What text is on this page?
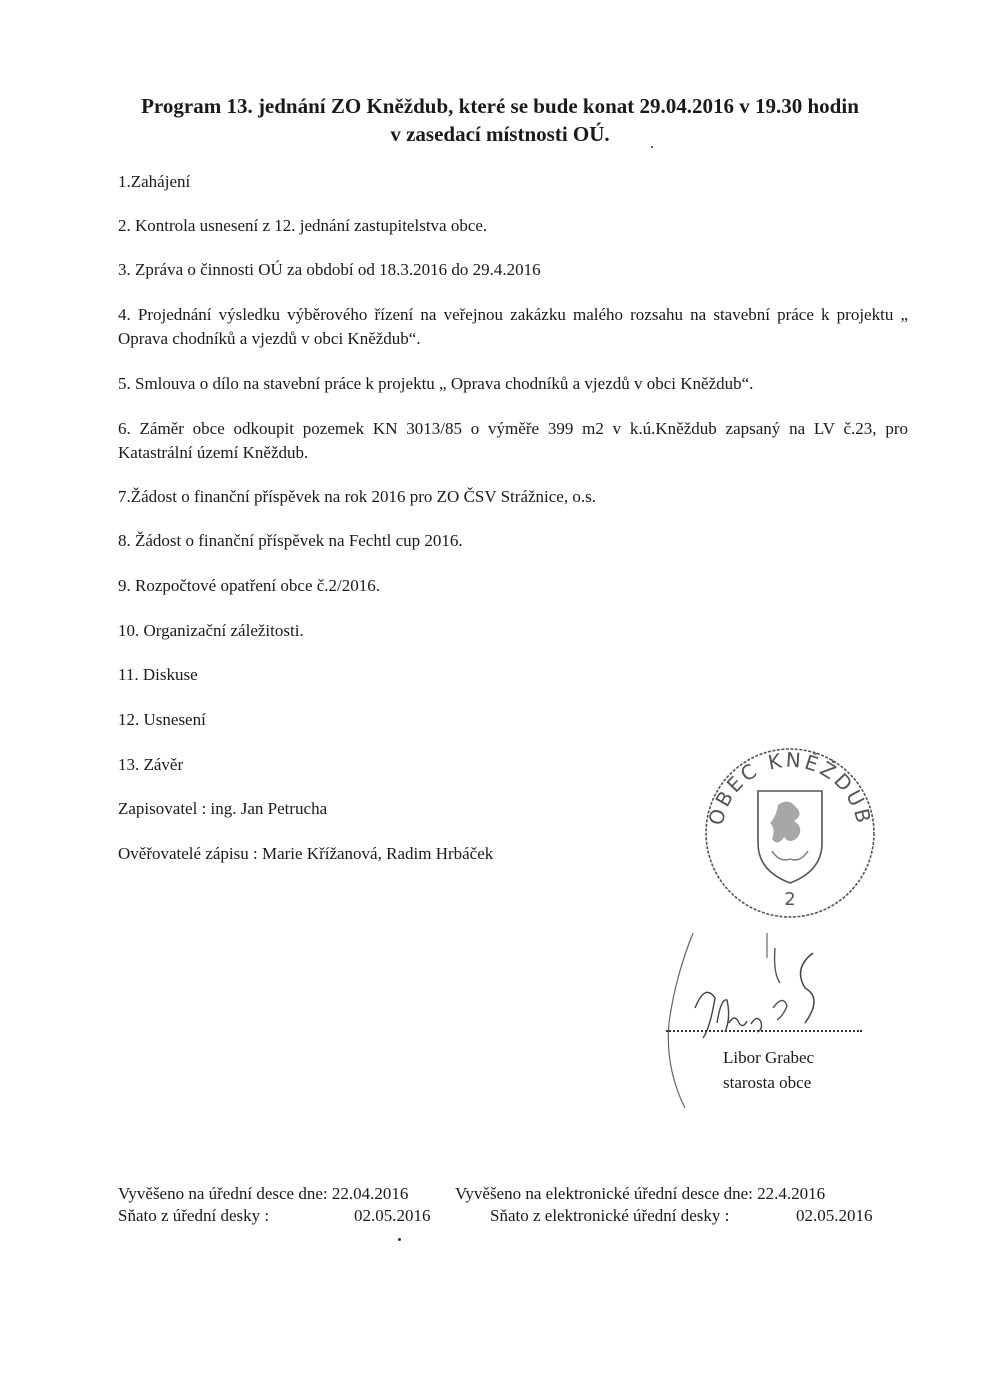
Program 13. jednání ZO Kněždub, které se bude konat 29.04.2016 v 19.30 hodin
v zasedací místnosti OÚ.

1.Zahájení

2. Kontrola usnesení z 12. jednání zastupitelstva obce.

3. Zpráva o činnosti OÚ za období od 18.3.2016 do 29.4.2016

4. Projednání výsledku výběrového řízení na veřejnou zakázku malého rozsahu na stavební práce k projektu „ Oprava chodníků a vjezdů v obci Kněždub“.

5. Smlouva o dílo na stavební práce k projektu „ Oprava chodníků a vjezdů v obci Kněždub“.

6. Záměr obce odkoupit pozemek KN 3013/85 o výměře 399 m2 v k.ú.Kněždub zapsaný na LV č.23, pro Katastrální území Kněždub.

7.Žádost o finanční příspěvek na rok 2016 pro ZO ČSV Strážnice, o.s.

8. Žádost o finanční příspěvek na Fechtl cup 2016.

9. Rozpočtové opatření obce č.2/2016.

10. Organizační záležitosti.

11. Diskuse

12. Usnesení

13. Závěr

Zapisovatel : ing. Jan Petrucha
Ověřovatelé zápisu : Marie Křížanová, Radim Hrbáček
OBEC KNĚŽDUB
2
Libor Grabec
starosta obce
Vyvěšeno na úřední desce dne: 22.04.2016	Vyvěšeno na elektronické úřední desce dne: 22.4.2016
Sňato z úřední desky :	02.05.2016	Sňato z elektronické úřední desky :	02.05.2016
